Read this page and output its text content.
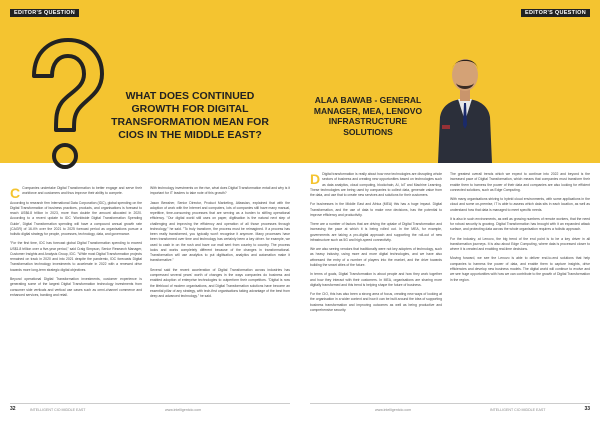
EDITOR'S QUESTION
WHAT DOES CONTINUED GROWTH FOR DIGITAL TRANSFORMATION MEAN FOR CIOS IN THE MIDDLE EAST?

C Companies undertake Digital Transformation to better engage and serve their workforce and customers and thus improve their ability to compete.

According to research firm International Data Corporation (IDC), global spending on the Digital Transformation of business practices, products, and organisations is forecast to reach US$6.8 trillion in 2023, more than double the amount allocated in 2020. According to a recent update to IDC 'Worldwide Digital Transformation Spending Guide', Digital Transformation spending will have a compound annual growth rate (CAGR) of 16.4% over the 2021 to 2025 forecast period as organisations pursue a holistic digital strategy for people, processes, technology, data, and governance.

"For the first time, IDC has forecast global Digital Transformation spending to exceed US$1.8 trillion over a five-year period," said Craig Simpson, Senior Research Manager, Customer Insights and Analysis Group, IDC. "While most Digital Transformation projects remained on track in 2020 and into 2021 despite the pandemic, IDC forecasts Digital Transformation technology investments to accelerate in 2022 with a renewed drive towards more long-term strategic digital objectives.

Beyond operational Digital Transformation investments, customer experience is generating some of the largest Digital Transformation technology investments from consumer side verticals and vertical use cases such as omni-channel commerce and enhanced services, banking and retail.

With technology investments on the rise, what does Digital Transformation entail and why is it important for IT leaders to take note of this growth?

Jason Bewsher, Senior Director, Product Marketing, Atlassian, explained that with the adoption of work with the Internet and computers, lots of companies still have many manual, repetitive, time-consuming processes that are serving as a burden to stifling operational efficiency. "Our digital world still uses on paper, digitisation is the natural next step of challenging and improving the efficiency and operation of all those processes through technology," he said. "To truly transform, the process must be reimagined. If a process has been really transformed, you typically won't recognise it anymore. Many processes have been transformed over time and technology has certainly been a key driver. for example, we used to cash in on the rush and have our mail sent from country to country. The process looks and works completely different because of the changes in transformational. Transformation will use analytics to put digitisation, analytics and automation make it transformative."

Several said the recent acceleration of Digital Transformation across industries has compressed several years' worth of changes in the ways companies do business and enabled adoption of enterprise technologies to outperform their competitors. "Digital is now the lifeblood of modern organisations, and Digital Transformation solutions have become an essential pillar of any strategy, with tech-first organisations taking advantage of the best from deep and advanced technology." he said.

32	INTELLIGENT CIO MIDDLE EAST	www.intelligentcio.com
EDITOR'S QUESTION
www.intelligentcio.com	INTELLIGENT CIO MIDDLE EAST	33
ALAA BAWAB - GENERAL MANAGER, MEA, LENOVO INFRASTRUCTURE SOLUTIONS

D Digital transformation is really about how new technologies are disrupting whole sectors of business and creating new opportunities based on technologies such as data analytics, cloud computing, blockchain, AI, IoT and Machine Learning. These technologies are being used by companies to collect data, generate value from the data, and use that to create new services and solutions for their customers.

For businesses in the Middle East and Africa (MEA) this has a huge impact. Digital Transformation, and the use of data to make new decisions, has the potential to improve efficiency and productivity.

There are a number of factors that are driving the uptake of Digital Transformation and increasing the pace at which it is being rolled out. In the MEA, for example, governments are taking a pro-digital approach and supporting the roll-out of new infrastructure such as 5G and high-speed connectivity.

We are also seeing vendors that traditionally were not key adopters of technology, such as heavy industry, using more and more digital technologies, and we have also witnessed the entry of a number of players into the market, and the drive towards building the smart cities of the future.

In terms of goals, Digital Transformation is about people and how they work together and how they interact with their customers. In MEA, organisations are sharing more digitally transformed and this trend is helping shape the future of business.

For the CIO, this has also been a strong area of focus, creating new ways of looking at the organisation in a wider context and how it can be built around the idea of supporting business transformation and improving outcomes as well as being productive and comprehensive security.

The greatest overall trends which we expect to continue into 2022 and beyond is the increased pace of Digital Transformation, which means that companies must transform their enable them to harness the power of their data and companies are also looking for efficient connected solutions, such as Edge Computing.

With many organisations striving to hybrid cloud environments, with some applications in the cloud and some on-premise, IT is able to assess which data sits in each location, as well as understand how that data is managed to meet specific needs.

It is also in such environments, as well as growing numbers of remote workers, that the need for robust security is growing. Digital Transformation has brought with it an expanded attack surface, and protecting data across the whole organisation requires a holistic approach.

For the industry, at Lenovo, the big trend of the end point is to be a key driver in all transformation journeys. It is also about Edge Computing, where data is processed closer to where it is created and enabling real-time decisions.

Moving forward, we see the Lenovo is able to deliver end-to-end solutions that help companies to harness the power of data, and enable them to capture insights, drive efficiencies and develop new business models. The digital world will continue to evolve and we see huge opportunities with how we can contribute to the growth of Digital Transformation in the region.
